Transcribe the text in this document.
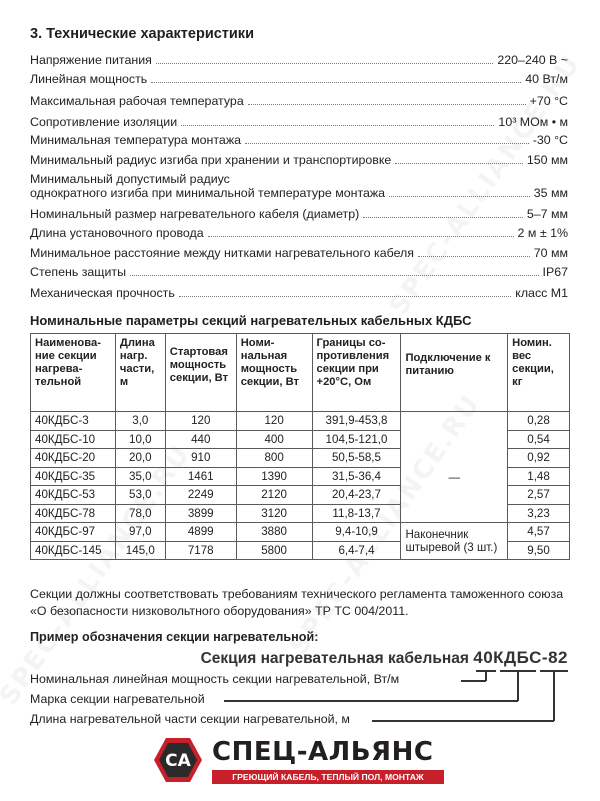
3. Технические характеристики
Напряжение питания	220–240 В ~
Линейная мощность	40 Вт/м
Максимальная рабочая температура	+70 °С
Сопротивление изоляции	10³ МОм • м
Минимальная температура монтажа	-30 °С
Минимальный радиус изгиба при хранении и транспортировке	150 мм
Минимальный допустимый радиус
однократного изгиба при минимальной температуре монтажа	35 мм
Номинальный размер нагревательного кабеля (диаметр)	5–7 мм
Длина установочного провода	2 м ± 1%
Минимальное расстояние между нитками нагревательного кабеля	70 мм
Степень защиты	IP67
Механическая прочность	класс М1
Номинальные параметры секций нагревательных кабельных КДБС
Наименова-ние секции нагрева-тельной	Длина нагр. части, м	Стартовая мощность секции, Вт	Номи-нальная мощность секции, Вт	Границы со-противления секции при +20°С, Ом	Подключение к питанию	Номин. вес секции, кг
40КДБС-3	3,0	120	120	391,9-453,8	—	0,28
40КДБС-10	10,0	440	400	104,5-121,0		0,54
40КДБС-20	20,0	910	800	50,5-58,5		0,92
40КДБС-35	35,0	1461	1390	31,5-36,4		1,48
40КДБС-53	53,0	2249	2120	20,4-23,7		2,57
40КДБС-78	78,0	3899	3120	11,8-13,7		3,23
40КДБС-97	97,0	4899	3880	9,4-10,9	Наконечник штыревой (3 шт.)	4,57
40КДБС-145	145,0	7178	5800	6,4-7,4		9,50
Секции должны соответствовать требованиям технического регламента таможенного союза «О безопасности низковольтного оборудования» ТР ТС 004/2011.
Пример обозначения секции нагревательной:
Секция нагревательная кабельная 40КДБС-82
Номинальная линейная мощность секции нагревательной, Вт/м
Марка секции нагревательной
Длина нагревательной части секции нагревательной, м
СА СПЕЦ-АЛЬЯНС
ГРЕЮЩИЙ КАБЕЛЬ, ТЕПЛЫЙ ПОЛ, МОНТАЖ
